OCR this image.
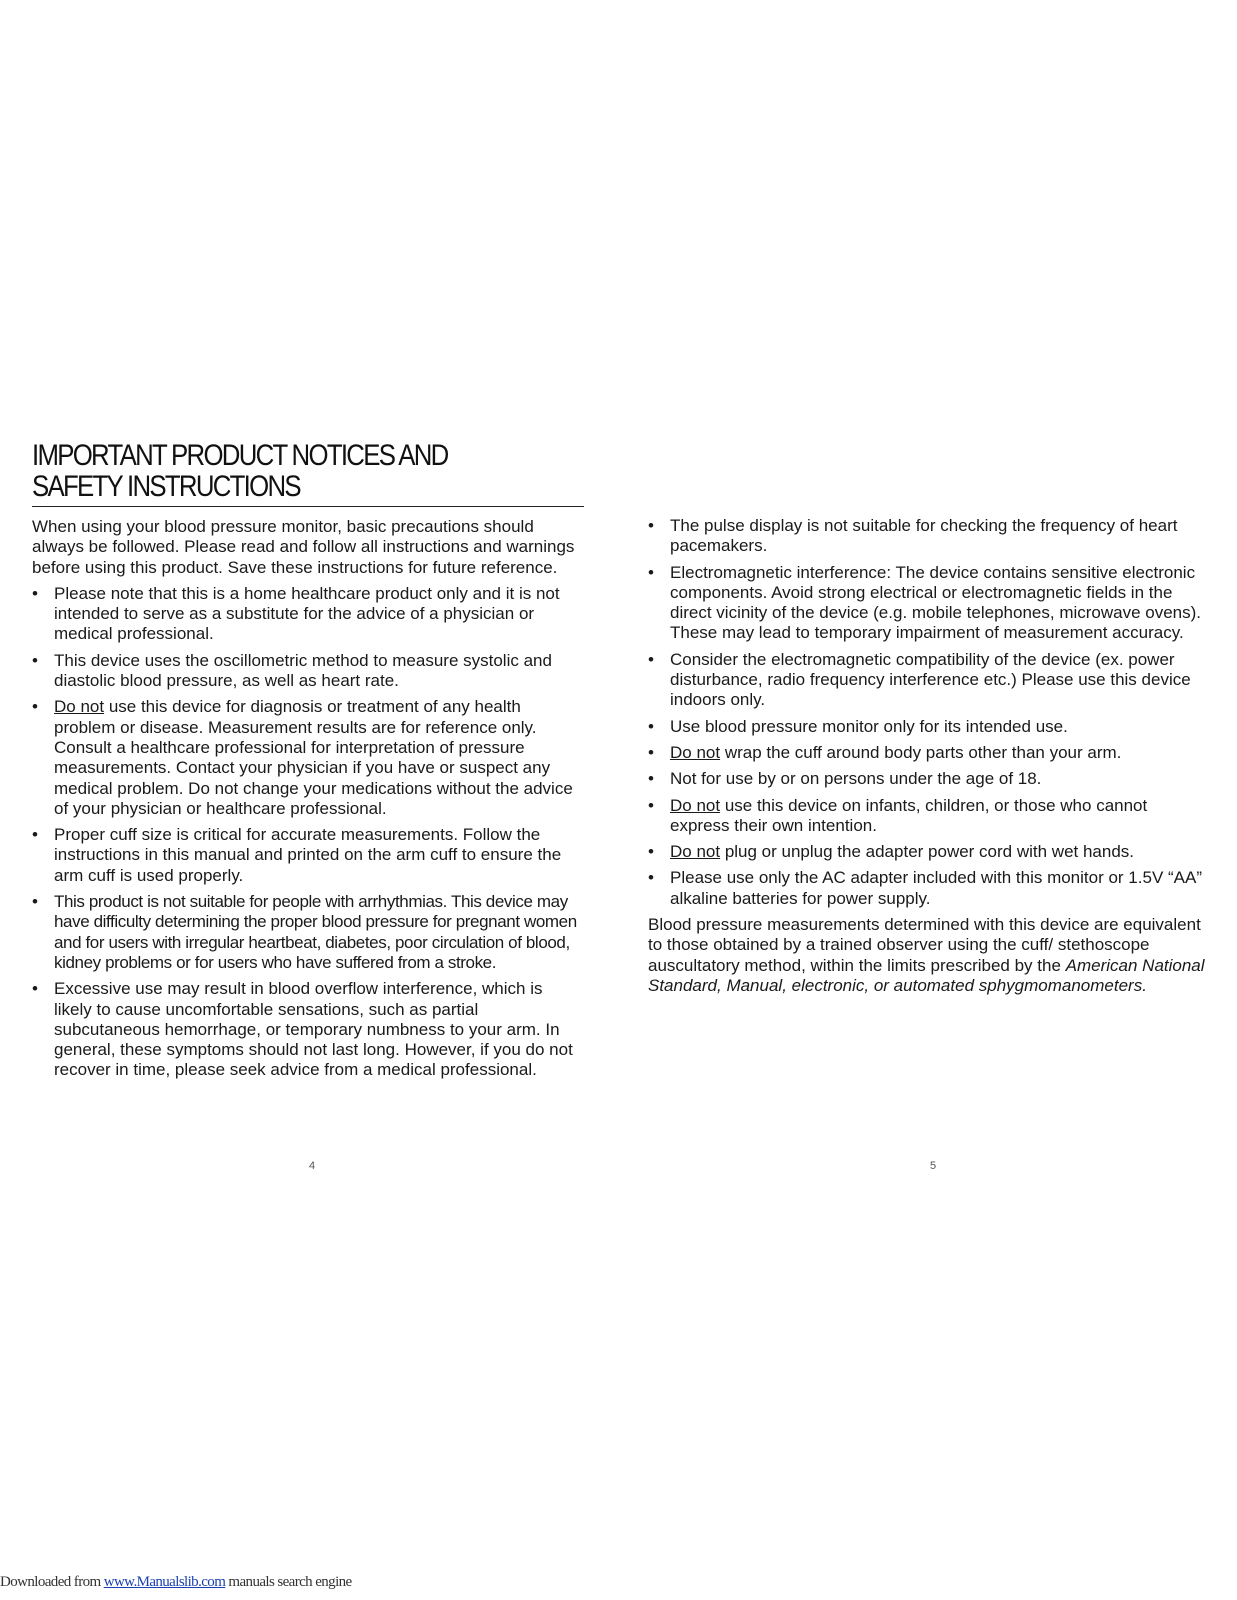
IMPORTANT PRODUCT NOTICES AND
SAFETY INSTRUCTIONS

When using your blood pressure monitor, basic precautions should always be followed. Please read and follow all instructions and warnings before using this product. Save these instructions for future reference.

• Please note that this is a home healthcare product only and it is not intended to serve as a substitute for the advice of a physician or medical professional.
• This device uses the oscillometric method to measure systolic and diastolic blood pressure, as well as heart rate.
• Do not use this device for diagnosis or treatment of any health problem or disease. Measurement results are for reference only. Consult a healthcare professional for interpretation of pressure measurements. Contact your physician if you have or suspect any medical problem. Do not change your medications without the advice of your physician or healthcare professional.
• Proper cuff size is critical for accurate measurements. Follow the instructions in this manual and printed on the arm cuff to ensure the arm cuff is used properly.
• This product is not suitable for people with arrhythmias. This device may have difficulty determining the proper blood pressure for pregnant women and for users with irregular heartbeat, diabetes, poor circulation of blood, kidney problems or for users who have suffered from a stroke.
• Excessive use may result in blood overflow interference, which is likely to cause uncomfortable sensations, such as partial subcutaneous hemorrhage, or temporary numbness to your arm. In general, these symptoms should not last long. However, if you do not recover in time, please seek advice from a medical professional.
4
• The pulse display is not suitable for checking the frequency of heart pacemakers.
• Electromagnetic interference: The device contains sensitive electronic components. Avoid strong electrical or electromagnetic fields in the direct vicinity of the device (e.g. mobile telephones, microwave ovens). These may lead to temporary impairment of measurement accuracy.
• Consider the electromagnetic compatibility of the device (ex. power disturbance, radio frequency interference etc.) Please use this device indoors only.
• Use blood pressure monitor only for its intended use.
• Do not wrap the cuff around body parts other than your arm.
• Not for use by or on persons under the age of 18.
• Do not use this device on infants, children, or those who cannot express their own intention.
• Do not plug or unplug the adapter power cord with wet hands.
• Please use only the AC adapter included with this monitor or 1.5V “AA” alkaline batteries for power supply.

Blood pressure measurements determined with this device are equivalent to those obtained by a trained observer using the cuff/ stethoscope auscultatory method, within the limits prescribed by the American National Standard, Manual, electronic, or automated sphygmomanometers.

5
Downloaded from www.Manualslib.com manuals search engine
